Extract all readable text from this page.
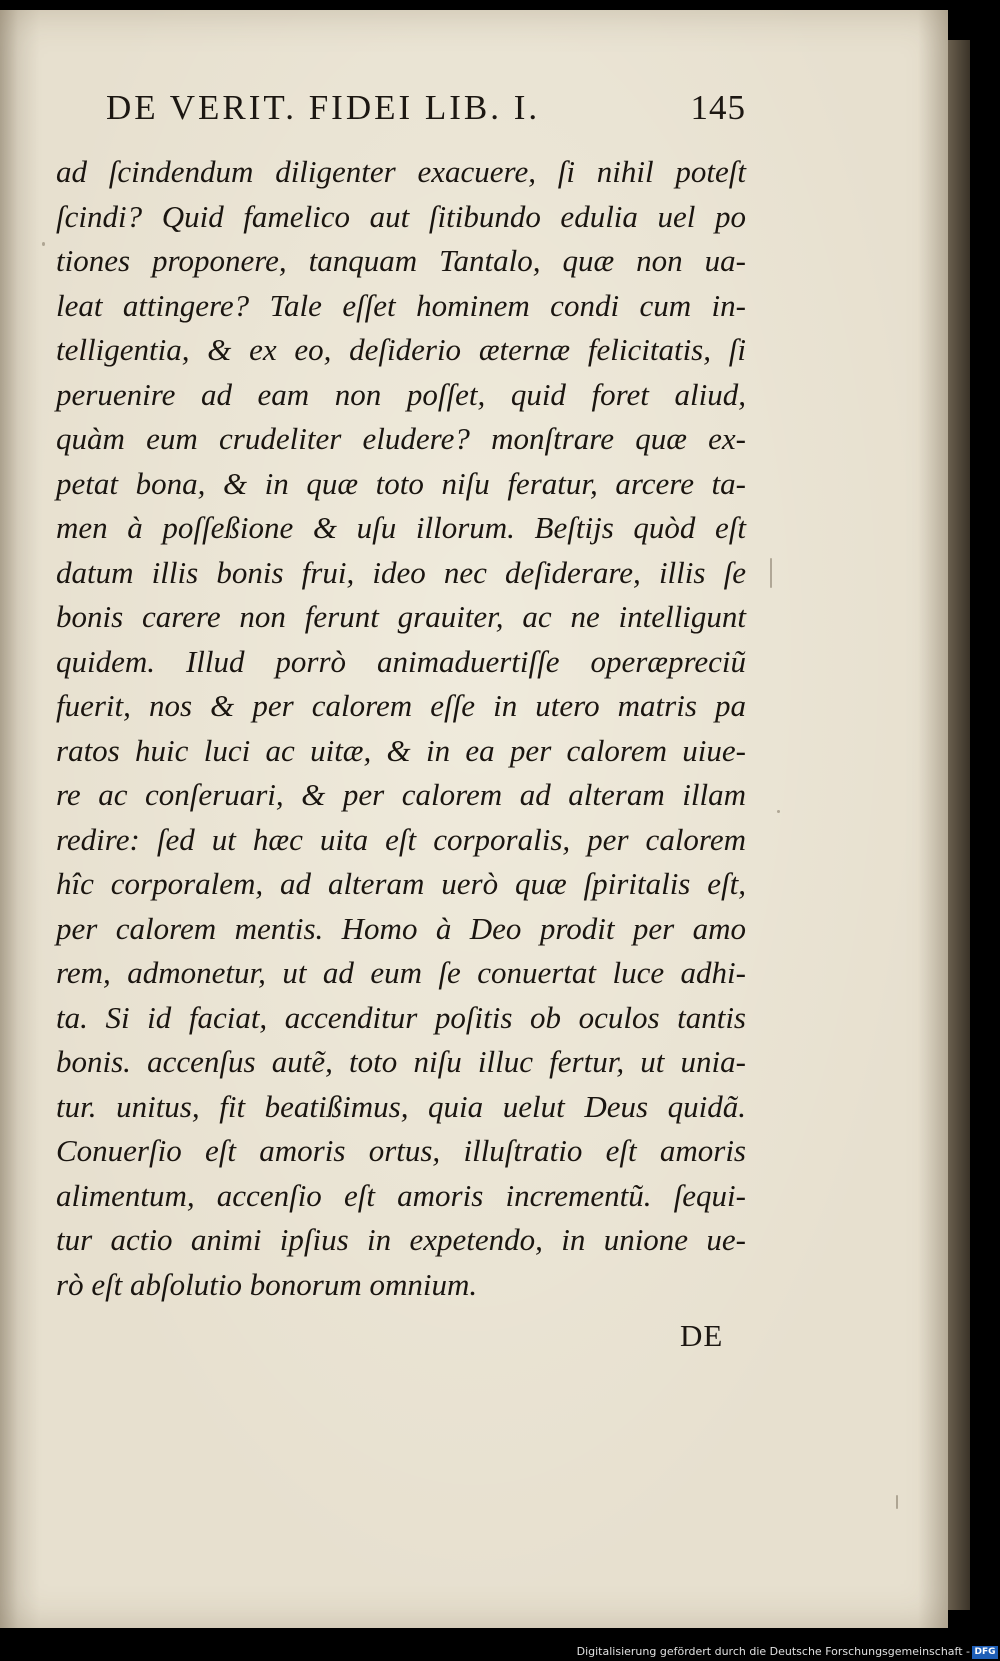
DE VERIT. FIDEI LIB. I.	145
ad ſcindendum diligenter exacuere, ſi nihil poteſt
ſcindi? Quid famelico aut ſitibundo edulia uel po
tiones proponere, tanquam Tantalo, quæ non ua-
leat attingere? Tale eſſet hominem condi cum in-
telligentia, & ex eo, deſiderio æternæ felicitatis, ſi
peruenire ad eam non poſſet, quid foret aliud,
quàm eum crudeliter eludere? monſtrare quæ ex-
petat bona, & in quæ toto niſu feratur, arcere ta-
men à poſſeßione & uſu illorum. Beſtijs quòd eſt
datum illis bonis frui, ideo nec deſiderare, illis ſe
bonis carere non ferunt grauiter, ac ne intelligunt
quidem. Illud porrò animaduertiſſe operæpreciũ
fuerit, nos & per calorem eſſe in utero matris pa
ratos huic luci ac uitæ, & in ea per calorem uiue-
re ac conſeruari, & per calorem ad alteram illam
redire: ſed ut hæc uita eſt corporalis, per calorem
hîc corporalem, ad alteram uerò quæ ſpiritalis eſt,
per calorem mentis. Homo à Deo prodit per amo
rem, admonetur, ut ad eum ſe conuertat luce adhi-
ta. Si id faciat, accenditur poſitis ob oculos tantis
bonis. accenſus autẽ, toto niſu illuc fertur, ut unia-
tur. unitus, fit beatißimus, quia uelut Deus quidã.
Conuerſio eſt amoris ortus, illuſtratio eſt amoris
alimentum, accenſio eſt amoris incrementũ. ſequi-
tur actio animi ipſius in expetendo, in unione ue-
rò eſt abſolutio bonorum omnium.
DE
Digitalisierung gefördert durch die Deutsche Forschungsgemeinschaft - DFG
